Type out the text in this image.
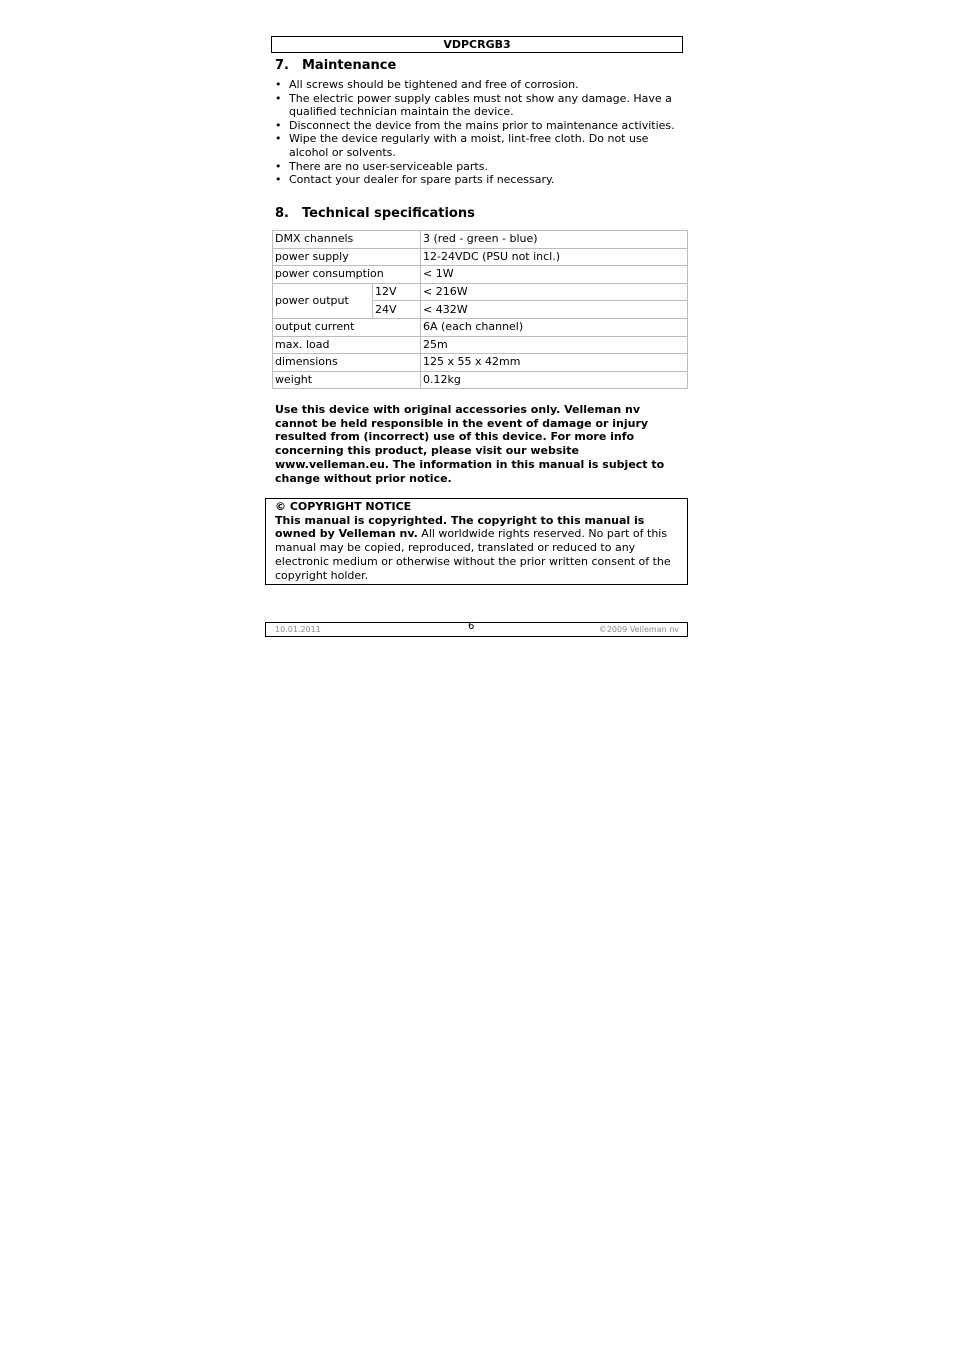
VDPCRGB3
7. Maintenance
• All screws should be tightened and free of corrosion.
• The electric power supply cables must not show any damage. Have a qualified technician maintain the device.
• Disconnect the device from the mains prior to maintenance activities.
• Wipe the device regularly with a moist, lint-free cloth. Do not use alcohol or solvents.
• There are no user-serviceable parts.
• Contact your dealer for spare parts if necessary.
8. Technical specifications
DMX channels		3 (red - green - blue)
power supply		12-24VDC (PSU not incl.)
power consumption		< 1W
power output	12V	< 216W
	24V	< 432W
output current		6A (each channel)
max. load		25m
dimensions		125 x 55 x 42mm
weight		0.12kg

Use this device with original accessories only. Velleman nv cannot be held responsible in the event of damage or injury resulted from (incorrect) use of this device. For more info concerning this product, please visit our website www.velleman.eu. The information in this manual is subject to change without prior notice.

© COPYRIGHT NOTICE
This manual is copyrighted. The copyright to this manual is owned by Velleman nv. All worldwide rights reserved. No part of this manual may be copied, reproduced, translated or reduced to any electronic medium or otherwise without the prior written consent of the copyright holder.
10.01.2011	6	©2009 Velleman nv
